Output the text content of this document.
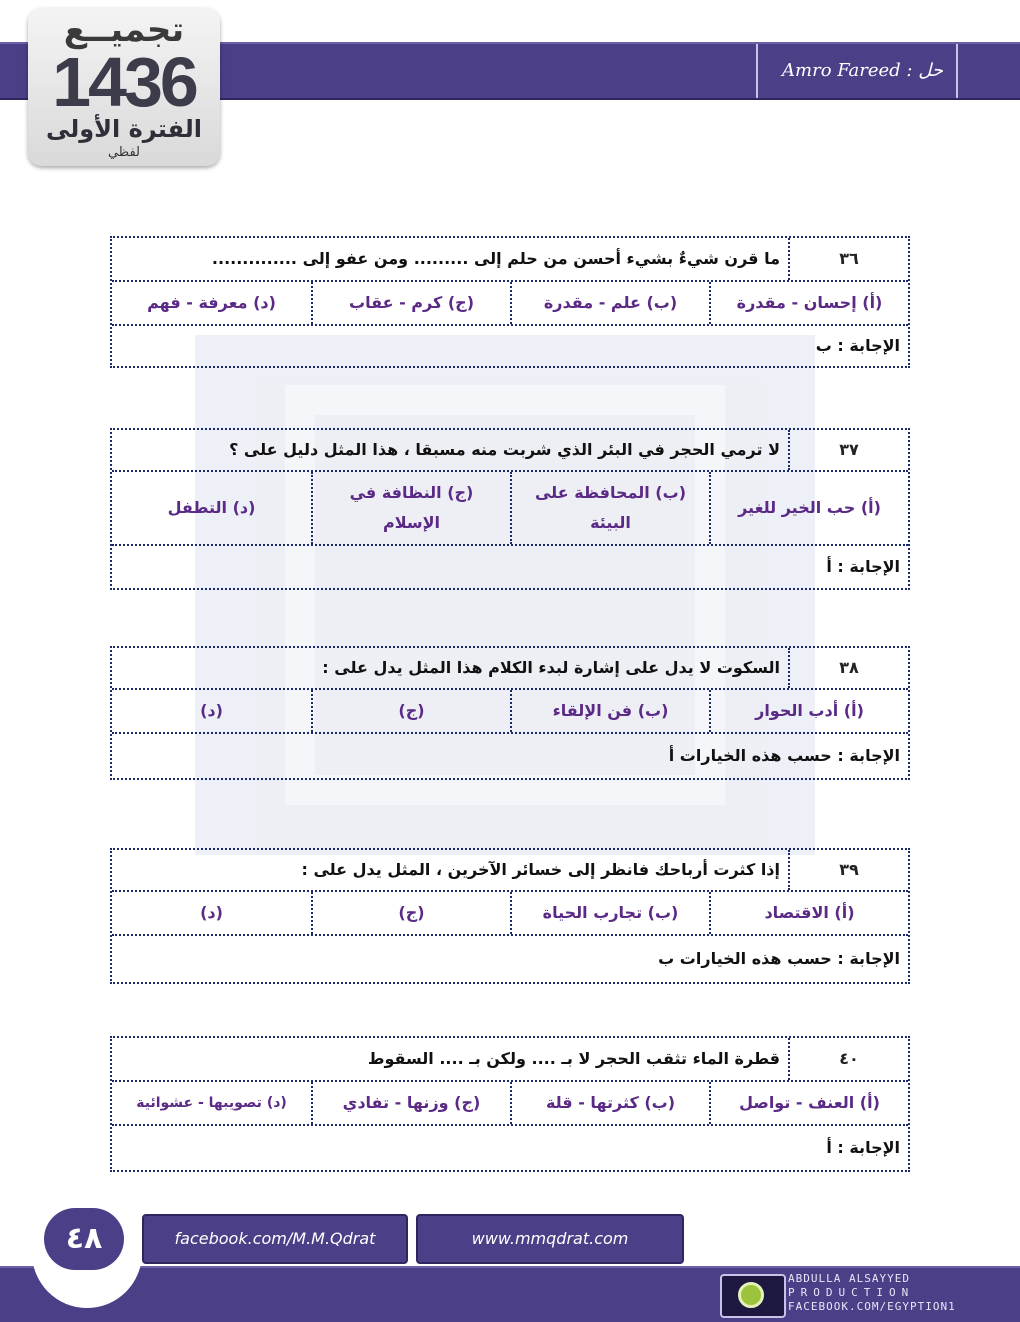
حل : Amro Fareed
تجميــع
1436
الفترة الأولى
لفظي
٣٦
ما قرن شيءٌ بشيء أحسن من حلم إلى ......... ومن عفو إلى ..............
(أ) إحسان - مقدرة
(ب) علم - مقدرة
(ج) كرم - عقاب
(د) معرفة - فهم
الإجابة : ب
٣٧
لا ترمي الحجر في البئر الذي شربت منه مسبقا ، هذا المثل دليل على ؟
(أ) حب الخير للغير
(ب) المحافظة على البيئة
(ج) النظافة في الإسلام
(د) التطفل
الإجابة : أ
٣٨
السكوت لا يدل على إشارة لبدء الكلام هذا المثل يدل على :
(أ) أدب الحوار
(ب) فن الإلقاء
(ج)
(د)
الإجابة : حسب هذه الخيارات أ
٣٩
إذا كثرت أرباحك فانظر إلى خسائر الآخرين ، المثل يدل على :
(أ) الاقتصاد
(ب) تجارب الحياة
(ج)
(د)
الإجابة : حسب هذه الخيارات ب
٤٠
قطرة الماء تثقب الحجر لا بـ .... ولكن بـ .... السقوط
(أ) العنف - تواصل
(ب) كثرتها - قلة
(ج) وزنها - تفادي
(د) تصويبها - عشوائية
الإجابة : أ
٤٨	facebook.com/M.M.Qdrat	www.mmqdrat.com
ABDULLA ALSAYYED
PRODUCTION
FACEBOOK.COM/EGYPTION1
